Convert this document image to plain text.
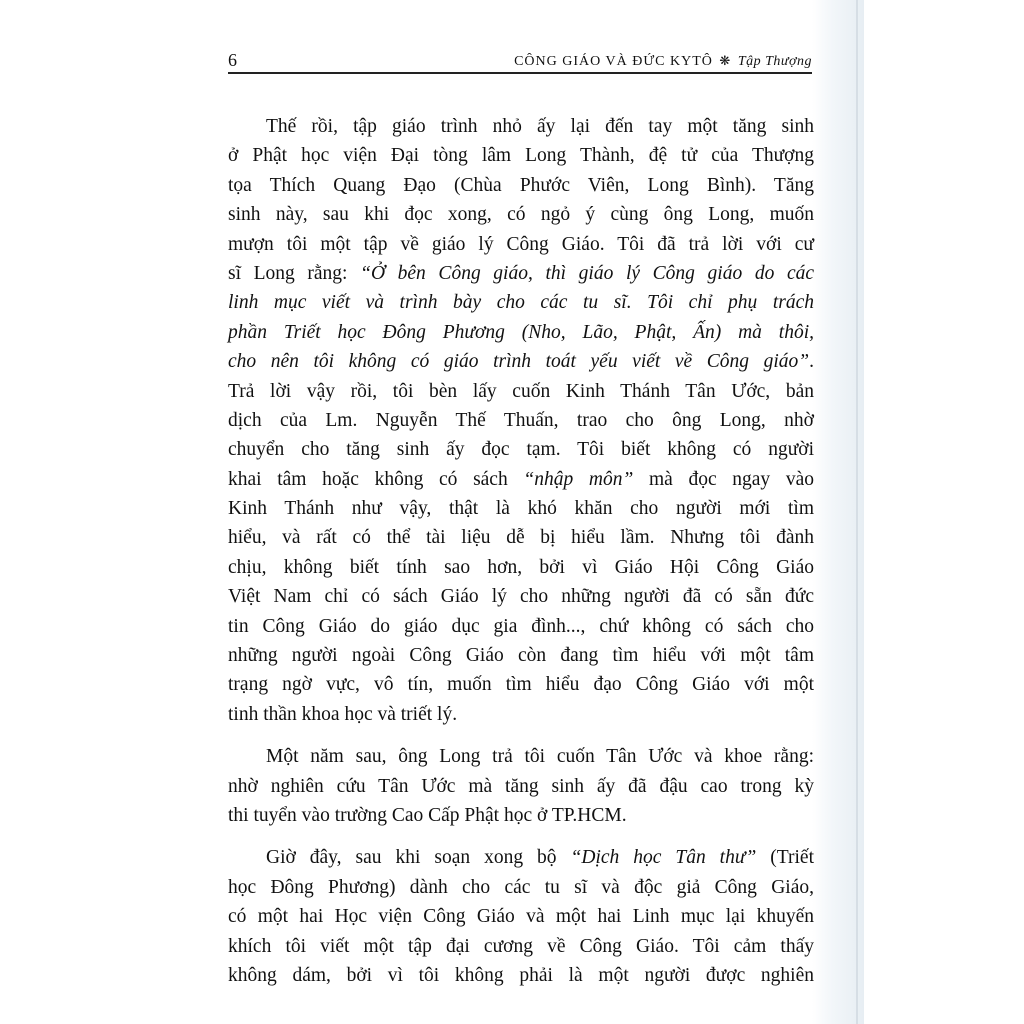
6	CÔNG GIÁO VÀ ĐỨC KYTÔ ❋ Tập Thượng
Thế rồi, tập giáo trình nhỏ ấy lại đến tay một tăng sinh
ở Phật học viện Đại tòng lâm Long Thành, đệ tử của Thượng
tọa Thích Quang Đạo (Chùa Phước Viên, Long Bình). Tăng
sinh này, sau khi đọc xong, có ngỏ ý cùng ông Long, muốn
mượn tôi một tập về giáo lý Công Giáo. Tôi đã trả lời với cư
sĩ Long rằng: “Ở bên Công giáo, thì giáo lý Công giáo do các
linh mục viết và trình bày cho các tu sĩ. Tôi chỉ phụ trách
phần Triết học Đông Phương (Nho, Lão, Phật, Ấn) mà thôi,
cho nên tôi không có giáo trình toát yếu viết về Công giáo”.
Trả lời vậy rồi, tôi bèn lấy cuốn Kinh Thánh Tân Ước, bản
dịch của Lm. Nguyễn Thế Thuấn, trao cho ông Long, nhờ
chuyển cho tăng sinh ấy đọc tạm. Tôi biết không có người
khai tâm hoặc không có sách “nhập môn” mà đọc ngay vào
Kinh Thánh như vậy, thật là khó khăn cho người mới tìm
hiểu, và rất có thể tài liệu dễ bị hiểu lầm. Nhưng tôi đành
chịu, không biết tính sao hơn, bởi vì Giáo Hội Công Giáo
Việt Nam chỉ có sách Giáo lý cho những người đã có sẵn đức
tin Công Giáo do giáo dục gia đình..., chứ không có sách cho
những người ngoài Công Giáo còn đang tìm hiểu với một tâm
trạng ngờ vực, vô tín, muốn tìm hiểu đạo Công Giáo với một
tinh thần khoa học và triết lý.
Một năm sau, ông Long trả tôi cuốn Tân Ước và khoe rằng:
nhờ nghiên cứu Tân Ước mà tăng sinh ấy đã đậu cao trong kỳ
thi tuyển vào trường Cao Cấp Phật học ở TP.HCM.
Giờ đây, sau khi soạn xong bộ “Dịch học Tân thư” (Triết
học Đông Phương) dành cho các tu sĩ và độc giả Công Giáo,
có một hai Học viện Công Giáo và một hai Linh mục lại khuyến
khích tôi viết một tập đại cương về Công Giáo. Tôi cảm thấy
không dám, bởi vì tôi không phải là một người được nghiên
